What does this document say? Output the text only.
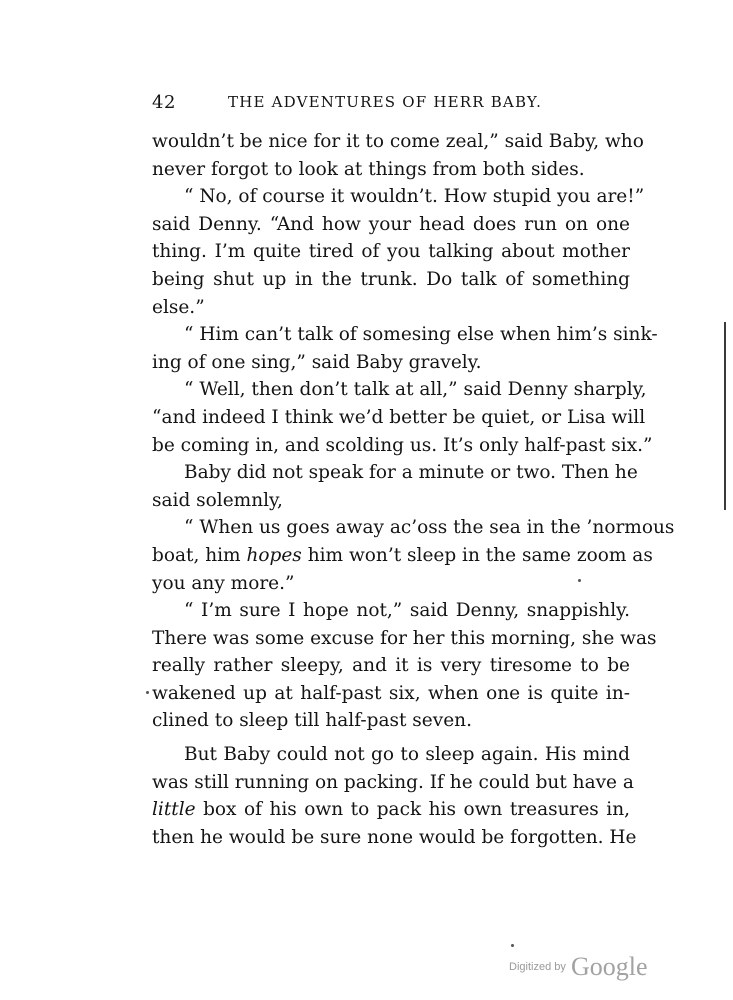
42	THE ADVENTURES OF HERR BABY.
wouldn’t be nice for it to come zeal,” said Baby, who
never forgot to look at things from both sides.
“ No, of course it wouldn’t. How stupid you are!”
said Denny. “And how your head does run on one
thing. I’m quite tired of you talking about mother
being shut up in the trunk. Do talk of something
else.”
“ Him can’t talk of somesing else when him’s sink-
ing of one sing,” said Baby gravely.
“ Well, then don’t talk at all,” said Denny sharply,
“and indeed I think we’d better be quiet, or Lisa will
be coming in, and scolding us. It’s only half-past six.”
Baby did not speak for a minute or two. Then he
said solemnly,
“ When us goes away ac’oss the sea in the ’normous
boat, him hopes him won’t sleep in the same zoom as
you any more.”
“ I’m sure I hope not,” said Denny, snappishly.
There was some excuse for her this morning, she was
really rather sleepy, and it is very tiresome to be
wakened up at half-past six, when one is quite in-
clined to sleep till half-past seven.
But Baby could not go to sleep again. His mind
was still running on packing. If he could but have a
little box of his own to pack his own treasures in,
then he would be sure none would be forgotten. He
Digitized by Google
